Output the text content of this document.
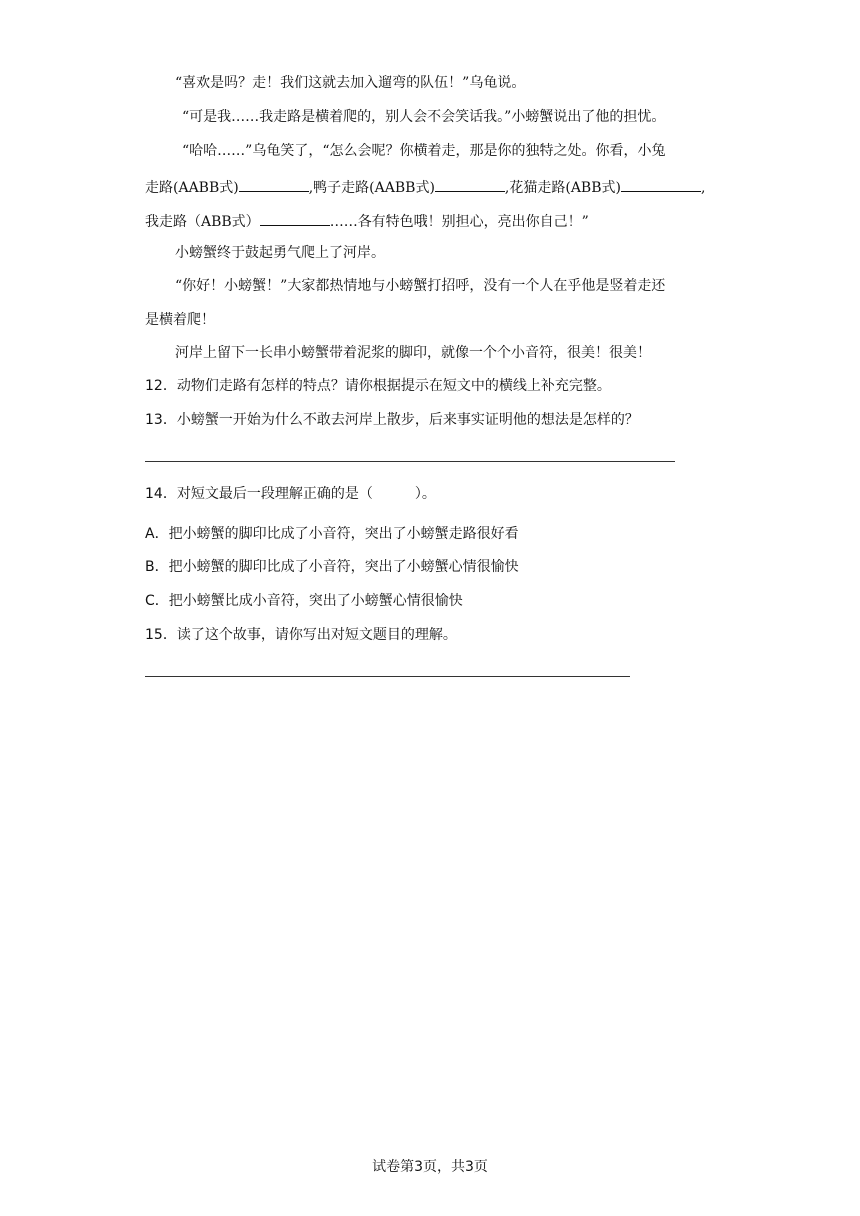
“喜欢是吗？走！我们这就去加入遛弯的队伍！”乌龟说。
“可是我……我走路是横着爬的，别人会不会笑话我。”小螃蟹说出了他的担忧。
“哈哈……”乌龟笑了，“怎么会呢？你横着走，那是你的独特之处。你看，小兔
走路(AABB式)	,鸭子走路(AABB式)	,花猫走路(ABB式)	,
我走路（ABB式）	……各有特色哦！别担心，亮出你自己！”
小螃蟹终于鼓起勇气爬上了河岸。
“你好！小螃蟹！”大家都热情地与小螃蟹打招呼，没有一个人在乎他是竖着走还
是横着爬！
河岸上留下一长串小螃蟹带着泥浆的脚印，就像一个个小音符，很美！很美！
12．动物们走路有怎样的特点？请你根据提示在短文中的横线上补充完整。
13．小螃蟹一开始为什么不敢去河岸上散步，后来事实证明他的想法是怎样的？
14．对短文最后一段理解正确的是（　　　）。
A．把小螃蟹的脚印比成了小音符，突出了小螃蟹走路很好看
B．把小螃蟹的脚印比成了小音符，突出了小螃蟹心情很愉快
C．把小螃蟹比成小音符，突出了小螃蟹心情很愉快
15．读了这个故事，请你写出对短文题目的理解。
试卷第3页，共3页
